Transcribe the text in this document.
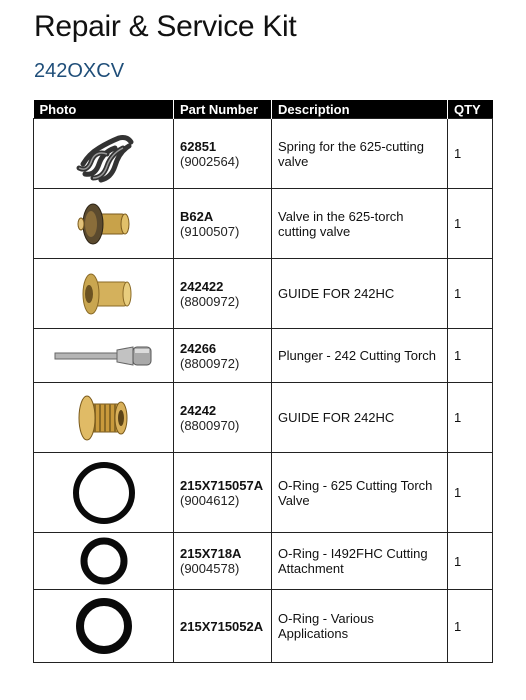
Repair & Service Kit
242OXCV
Photo	Part Number	Description	QTY

62851
(9002564)	Spring for the 625-cutting valve	1

B62A
(9100507)	Valve in the 625-torch cutting valve	1

242422
(8800972)	GUIDE FOR 242HC	1

24266
(8800972)	Plunger - 242 Cutting Torch	1

24242
(8800970)	GUIDE FOR 242HC	1

215X715057A
(9004612)	O-Ring - 625 Cutting Torch Valve	1

215X718A
(9004578)	O-Ring - I492FHC Cutting Attachment	1

215X715052A	O-Ring - Various Applications	1
